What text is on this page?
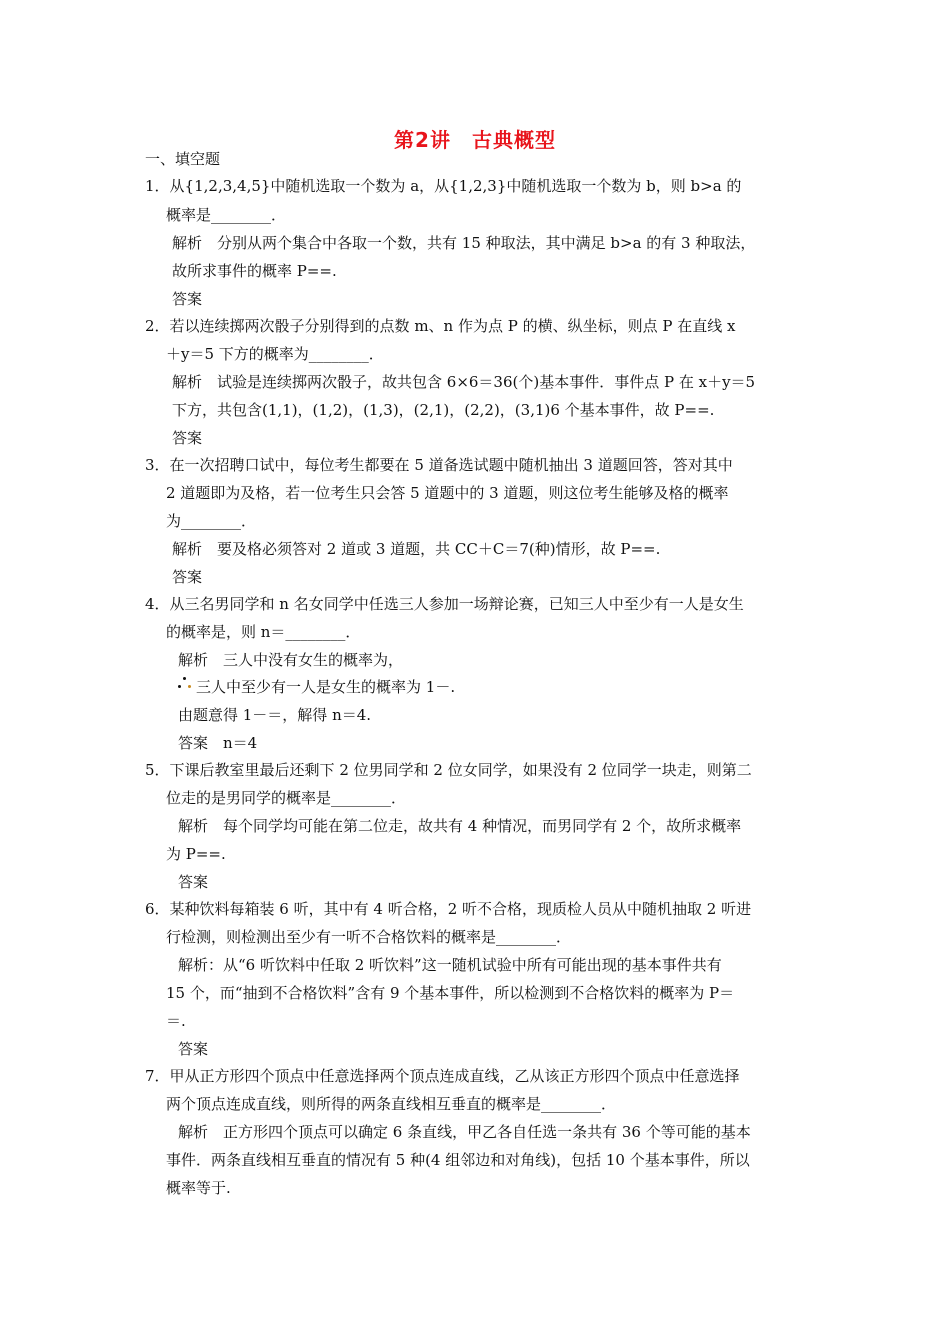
第2讲　古典概型
一、填空题
1．从{1,2,3,4,5}中随机选取一个数为 a，从{1,2,3}中随机选取一个数为 b，则 b>a 的
概率是________．
解析　分别从两个集合中各取一个数，共有 15 种取法，其中满足 b>a 的有 3 种取法，
故所求事件的概率 P==.
答案
2．若以连续掷两次骰子分别得到的点数 m、n 作为点 P 的横、纵坐标，则点 P 在直线 x
＋y＝5 下方的概率为________．
解析　试验是连续掷两次骰子，故共包含 6×6＝36(个)基本事件．事件点 P 在 x＋y＝5
下方，共包含(1,1)，(1,2)，(1,3)，(2,1)，(2,2)，(3,1)6 个基本事件，故 P==.
答案
3．在一次招聘口试中，每位考生都要在 5 道备选试题中随机抽出 3 道题回答，答对其中
2 道题即为及格，若一位考生只会答 5 道题中的 3 道题，则这位考生能够及格的概率
为________．
解析　要及格必须答对 2 道或 3 道题，共 CC＋C＝7(种)情形，故 P==.
答案
4．从三名男同学和 n 名女同学中任选三人参加一场辩论赛，已知三人中至少有一人是女生
的概率是，则 n＝________．
解析　三人中没有女生的概率为，
三人中至少有一人是女生的概率为 1－.
由题意得 1－＝，解得 n＝4.
答案　n＝4
5．下课后教室里最后还剩下 2 位男同学和 2 位女同学，如果没有 2 位同学一块走，则第二
位走的是男同学的概率是________．
解析　每个同学均可能在第二位走，故共有 4 种情况，而男同学有 2 个，故所求概率
为 P==.
答案
6．某种饮料每箱装 6 听，其中有 4 听合格，2 听不合格，现质检人员从中随机抽取 2 听进
行检测，则检测出至少有一听不合格饮料的概率是________．
解析：从“6 听饮料中任取 2 听饮料”这一随机试验中所有可能出现的基本事件共有
15 个，而“抽到不合格饮料”含有 9 个基本事件，所以检测到不合格饮料的概率为 P＝
＝.
答案
7．甲从正方形四个顶点中任意选择两个顶点连成直线，乙从该正方形四个顶点中任意选择
两个顶点连成直线，则所得的两条直线相互垂直的概率是________．
解析　正方形四个顶点可以确定 6 条直线，甲乙各自任选一条共有 36 个等可能的基本
事件．两条直线相互垂直的情况有 5 种(4 组邻边和对角线)，包括 10 个基本事件，所以
概率等于.
